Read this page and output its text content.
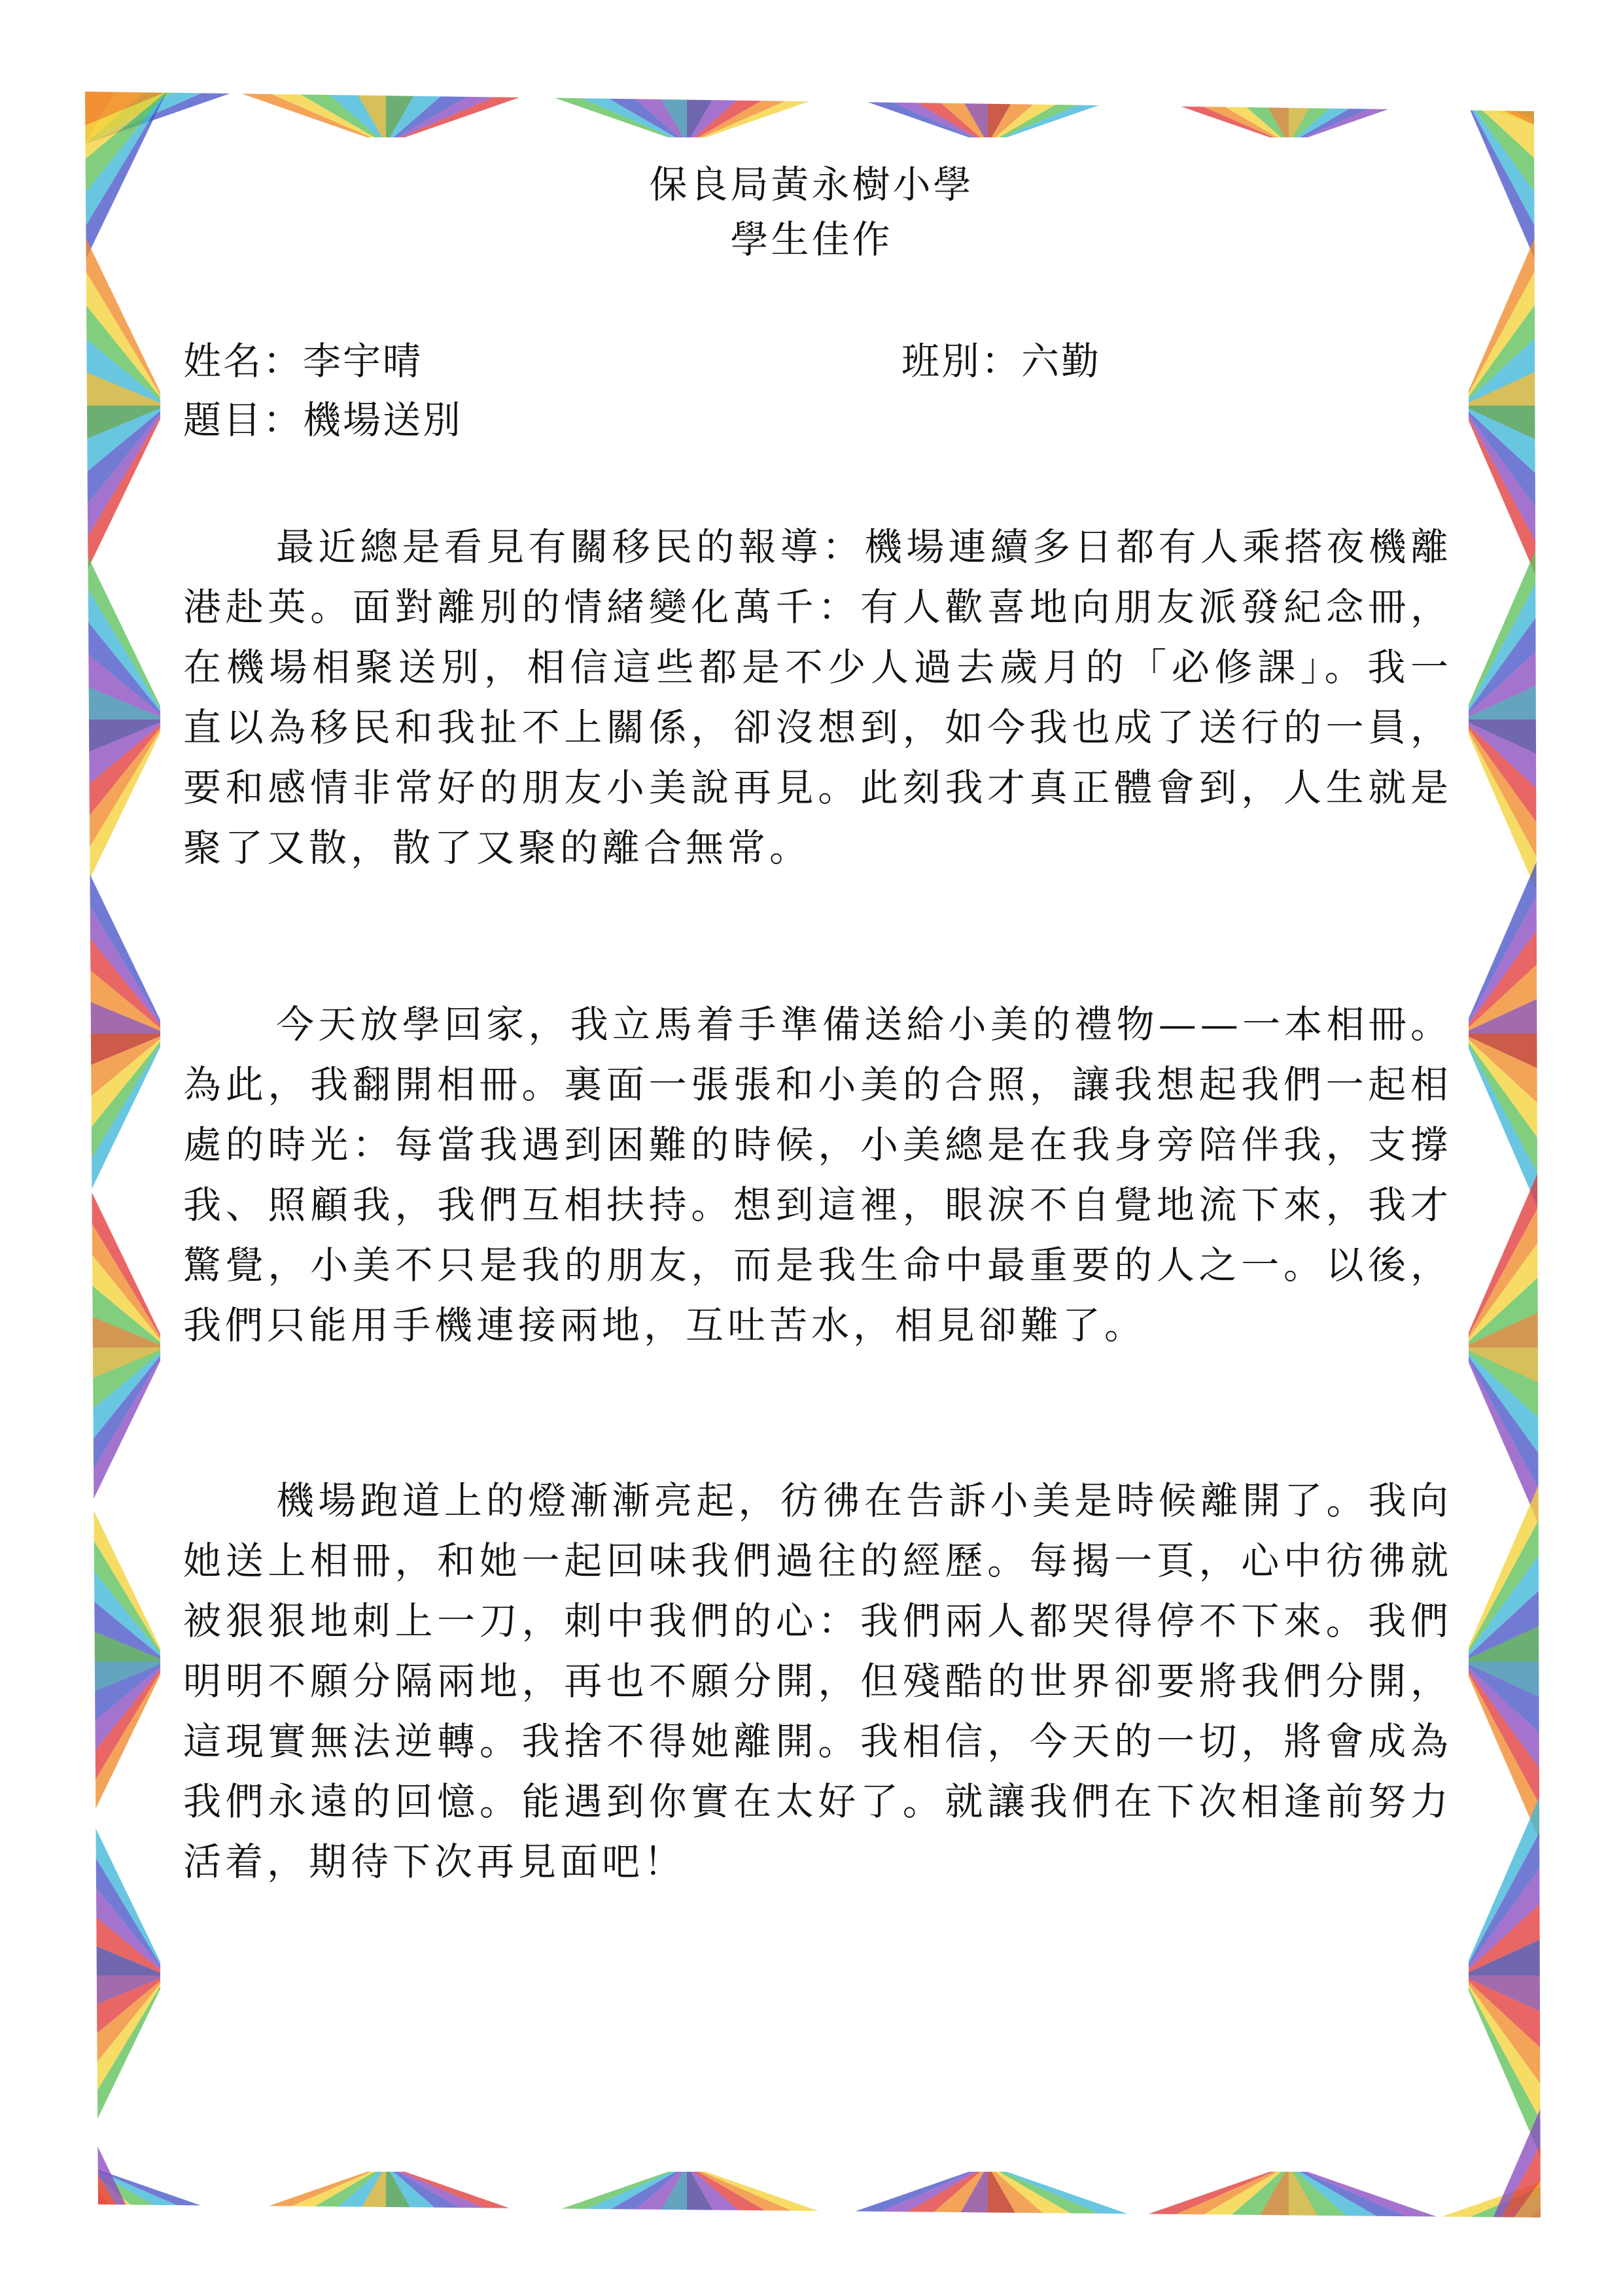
保良局黃永樹小學
學生佳作
姓名：李宇晴	班別：六勤
題目：機場送別

最近總是看見有關移民的報導：機場連續多日都有人乘搭夜機離港赴英。面對離別的情緒變化萬千：有人歡喜地向朋友派發紀念冊，在機場相聚送別，相信這些都是不少人過去歲月的「必修課」。我一直以為移民和我扯不上關係，卻沒想到，如今我也成了送行的一員，要和感情非常好的朋友小美說再見。此刻我才真正體會到，人生就是聚了又散，散了又聚的離合無常。

今天放學回家，我立馬着手準備送給小美的禮物——一本相冊。為此，我翻開相冊。裏面一張張和小美的合照，讓我想起我們一起相處的時光：每當我遇到困難的時候，小美總是在我身旁陪伴我，支撐我、照顧我，我們互相扶持。想到這裡，眼淚不自覺地流下來，我才驚覺，小美不只是我的朋友，而是我生命中最重要的人之一。以後，我們只能用手機連接兩地，互吐苦水，相見卻難了。

機場跑道上的燈漸漸亮起，彷彿在告訴小美是時候離開了。我向她送上相冊，和她一起回味我們過往的經歷。每揭一頁，心中彷彿就被狠狠地刺上一刀，刺中我們的心：我們兩人都哭得停不下來。我們明明不願分隔兩地，再也不願分開，但殘酷的世界卻要將我們分開，這現實無法逆轉。我捨不得她離開。我相信，今天的一切，將會成為我們永遠的回憶。能遇到你實在太好了。就讓我們在下次相逢前努力活着，期待下次再見面吧！
